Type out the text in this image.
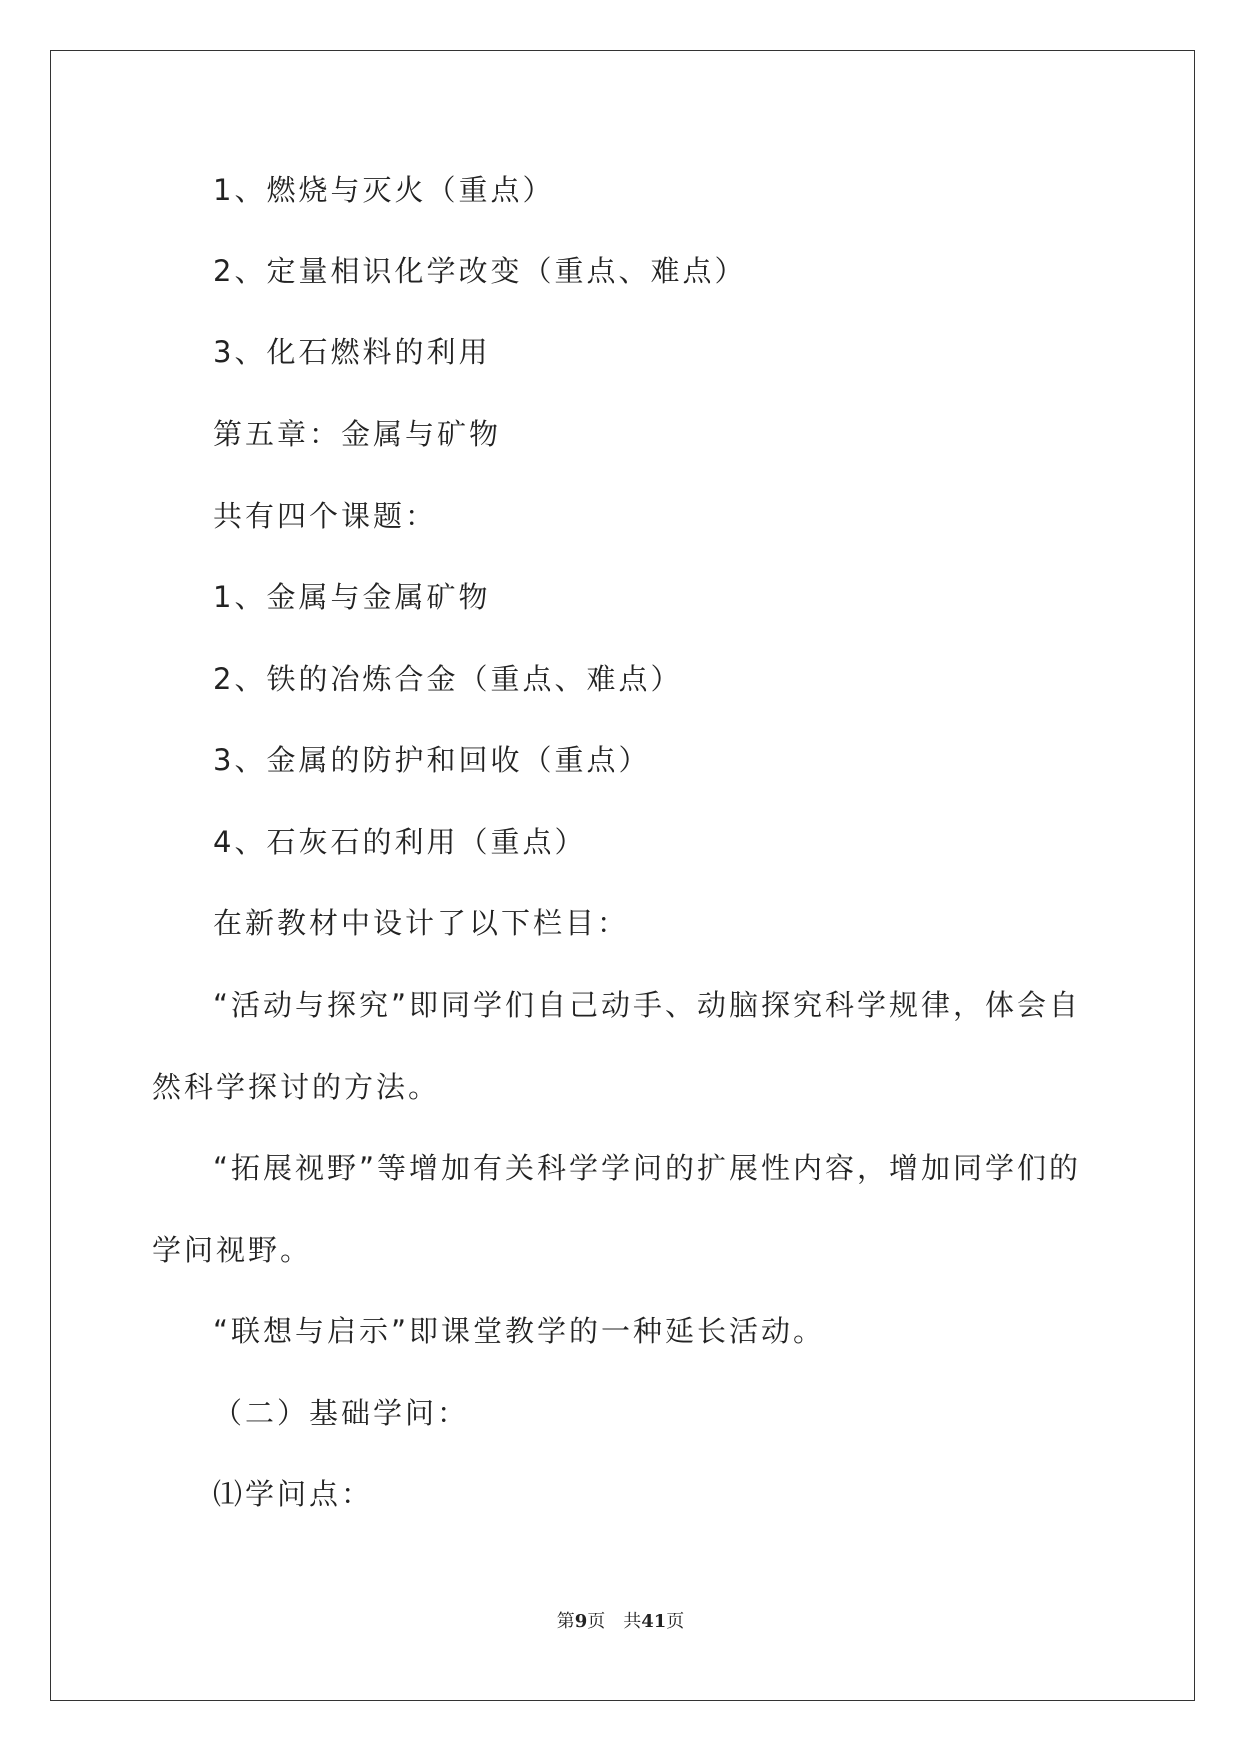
1、燃烧与灭火（重点）

2、定量相识化学改变（重点、难点）

3、化石燃料的利用

第五章：金属与矿物

共有四个课题：

1、金属与金属矿物

2、铁的冶炼合金（重点、难点）

3、金属的防护和回收（重点）

4、石灰石的利用（重点）

在新教材中设计了以下栏目：

“活动与探究”即同学们自己动手、动脑探究科学规律，体会自

然科学探讨的方法。

“拓展视野”等增加有关科学学问的扩展性内容，增加同学们的

学问视野。

“联想与启示”即课堂教学的一种延长活动。

（二）基础学问：

⑴学问点：

第9页　共41页
